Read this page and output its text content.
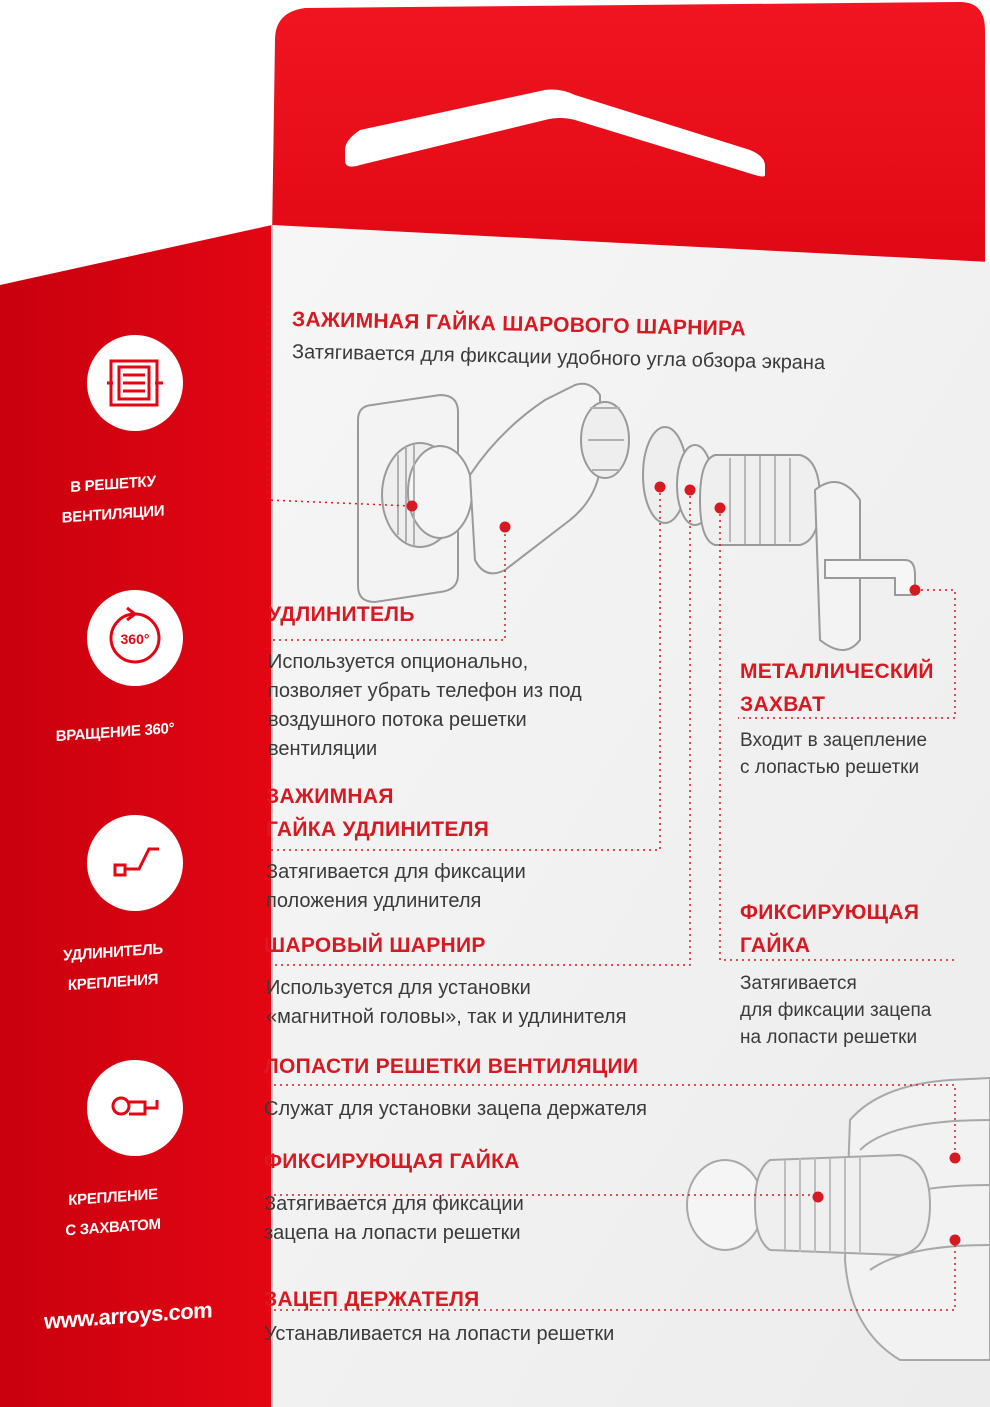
В РЕШЕТКУ
ВЕНТИЛЯЦИИ
360°
ВРАЩЕНИЕ 360°
УДЛИНИТЕЛЬ
КРЕПЛЕНИЯ
КРЕПЛЕНИЕ
С ЗАХВАТОМ
www.arroys.com
ЗАЖИМНАЯ ГАЙКА ШАРОВОГО ШАРНИРА
Затягивается для фиксации удобного угла обзора экрана
УДЛИНИТЕЛЬ
Используется опционально,
позволяет убрать телефон из под
воздушного потока решетки
вентиляции
МЕТАЛЛИЧЕСКИЙ
ЗАХВАТ
Входит в зацепление
с лопастью решетки
ЗАЖИМНАЯ
ГАЙКА УДЛИНИТЕЛЯ
Затягивается для фиксации
положения удлинителя	ФИКСИРУЮЩАЯ
ГАЙКА
Затягивается
для фиксации зацепа
на лопасти решетки
ШАРОВЫЙ ШАРНИР
Используется для установки
«магнитной головы», так и удлинителя
ЛОПАСТИ РЕШЕТКИ ВЕНТИЛЯЦИИ
Служат для установки зацепа держателя
ФИКСИРУЮЩАЯ ГАЙКА
Затягивается для фиксации
зацепа на лопасти решетки
ЗАЦЕП ДЕРЖАТЕЛЯ
Устанавливается на лопасти решетки
